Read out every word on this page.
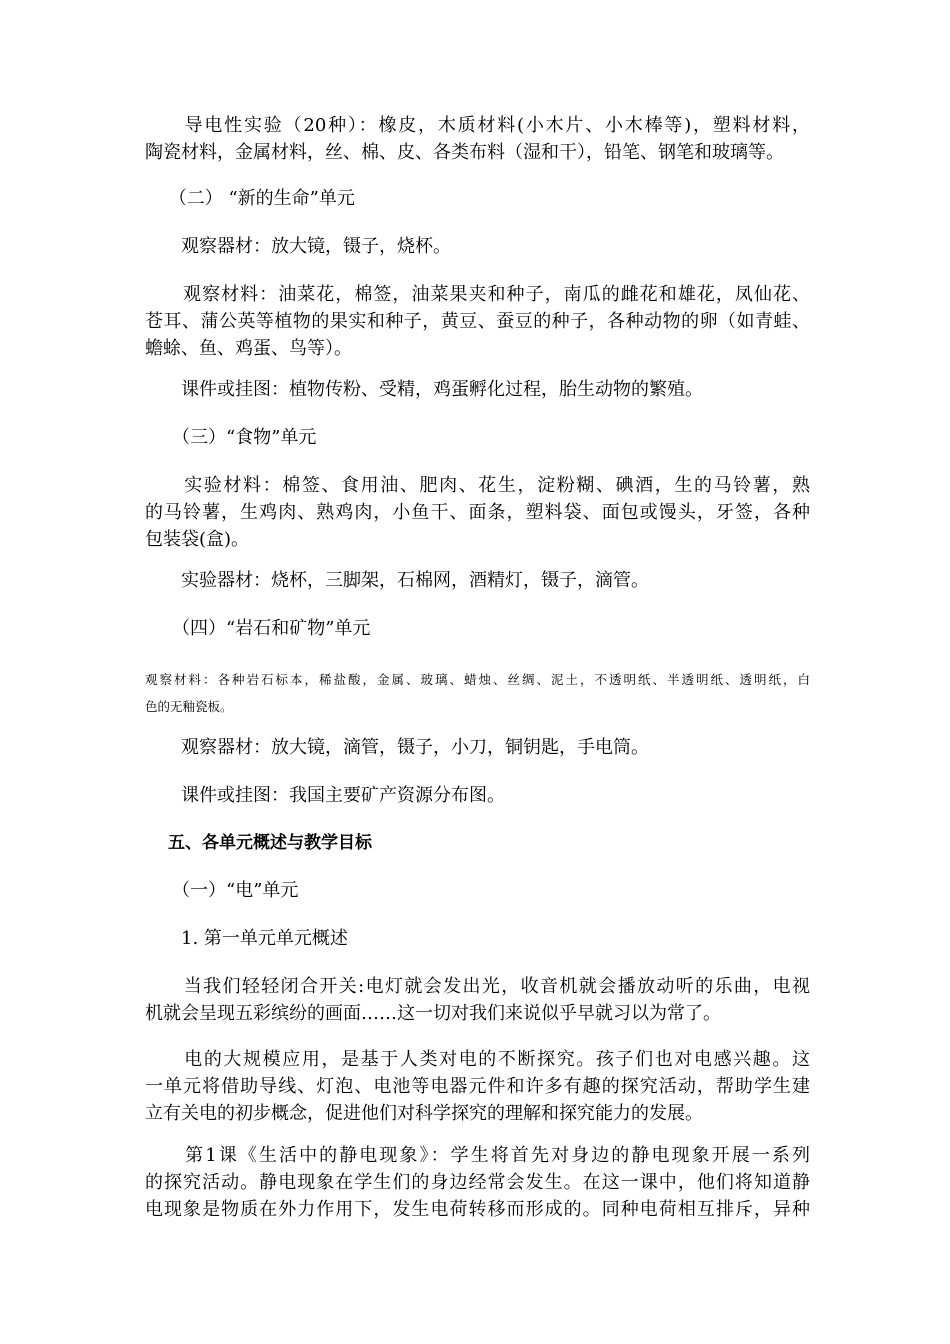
　　导电性实验（20种）：橡皮，木质材料(小木片、小木棒等)，塑料材料，
陶瓷材料，金属材料，丝、棉、皮、各类布料（湿和干），铅笔、钢笔和玻璃等。
　 （二） “新的生命”单元
　　观察器材：放大镜，镊子，烧杯。
　　观察材料：油菜花，棉签，油菜果夹和种子，南瓜的雌花和雄花，凤仙花、
苍耳、蒲公英等植物的果实和种子，黄豆、蚕豆的种子，各种动物的卵（如青蛙、
蟾蜍、鱼、鸡蛋、鸟等）。
　　课件或挂图：植物传粉、受精，鸡蛋孵化过程，胎生动物的繁殖。
　　（三）“食物”单元
　　实验材料：棉签、食用油、肥肉、花生，淀粉糊、碘酒，生的马铃薯，熟
的马铃薯，生鸡肉、熟鸡肉，小鱼干、面条，塑料袋、面包或馒头，牙签，各种
包装袋(盒)。
　　实验器材：烧杯，三脚架，石棉网，酒精灯，镊子，滴管。
　　（四）“岩石和矿物”单元
观察材料：各种岩石标本，稀盐酸，金属、玻璃、蜡烛、丝绸、泥土，不透明纸、半透明纸、透明纸，白
色的无釉瓷板。
　　观察器材：放大镜，滴管，镊子，小刀，铜钥匙，手电筒。
　　课件或挂图：我国主要矿产资源分布图。
五、各单元概述与教学目标
　　（一）“电”单元
　　1. 第一单元单元概述
　　当我们轻轻闭合开关:电灯就会发出光，收音机就会播放动听的乐曲，电视
机就会呈现五彩缤纷的画面……这一切对我们来说似乎早就习以为常了。
　　电的大规模应用，是基于人类对电的不断探究。孩子们也对电感兴趣。这
一单元将借助导线、灯泡、电池等电器元件和许多有趣的探究活动，帮助学生建
立有关电的初步概念，促进他们对科学探究的理解和探究能力的发展。
　　第1课《生活中的静电现象》：学生将首先对身边的静电现象开展一系列
的探究活动。静电现象在学生们的身边经常会发生。在这一课中，他们将知道静
电现象是物质在外力作用下，发生电荷转移而形成的。同种电荷相互排斥，异种
